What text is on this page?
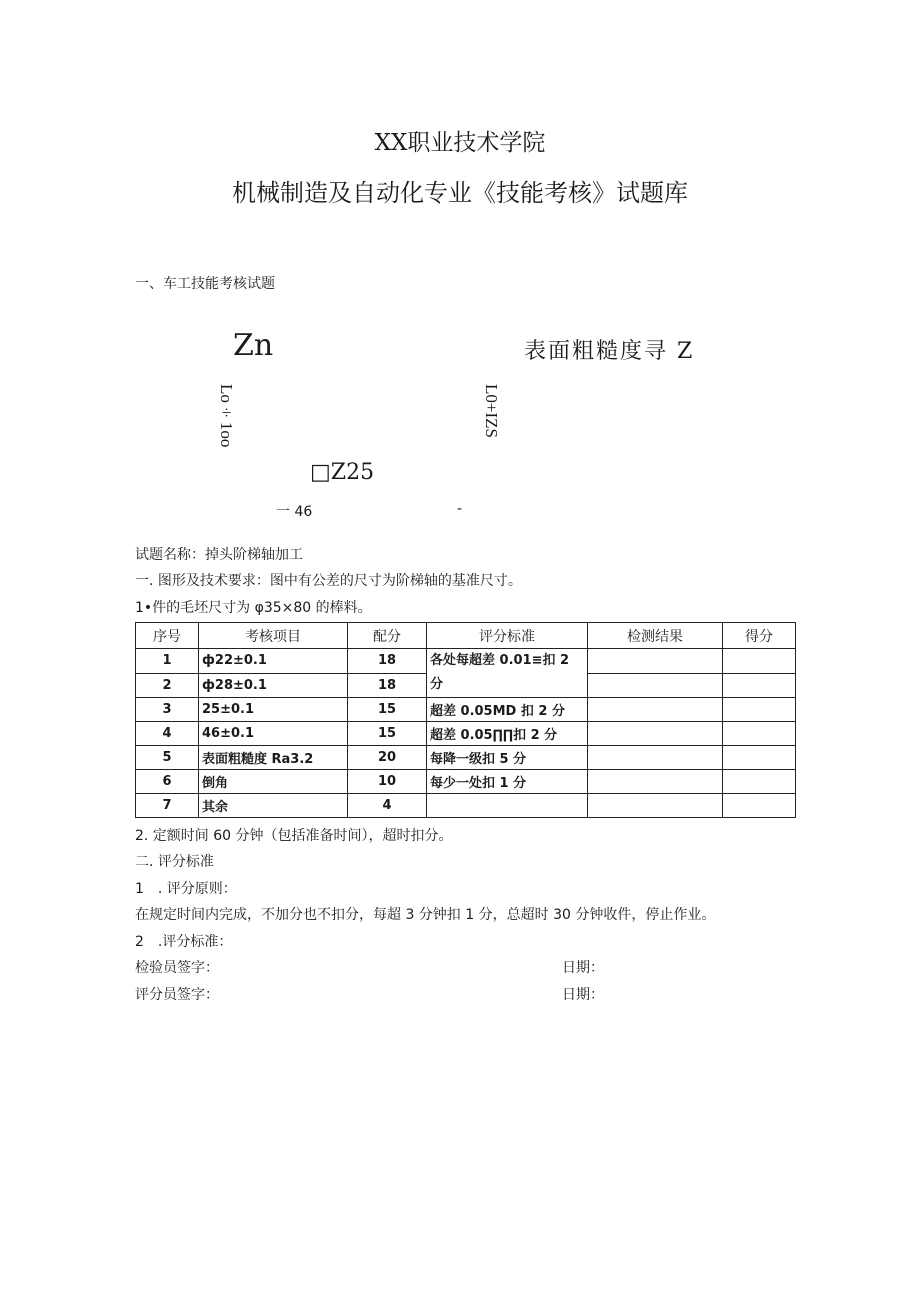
XX职业技术学院
机械制造及自动化专业《技能考核》试题库
一、车工技能考核试题
Zn	表面粗糙度寻 Z
Lo÷1oo	L0+IZS
□Z25
一 46	-
试题名称：掉头阶梯轴加工
一. 图形及技术要求：图中有公差的尺寸为阶梯轴的基准尺寸。
1•件的毛坯尺寸为 φ35×80 的棒料。
序号	考核项目	配分	评分标准	检测结果	得分
1	ф22±0.1	18	各处每超差 0.01≡扣 2 分		
2	ф28±0.1	18			
3	25±0.1	15	超差 0.05MD 扣 2 分		
4	46±0.1	15	超差 0.05∏∏扣 2 分		
5	表面粗糙度 Ra3.2	20	每降一级扣 5 分		
6	倒角	10	每少一处扣 1 分		
7	其余	4			
2. 定额时间 60 分钟（包括准备时间），超时扣分。
二. 评分标准
1　. 评分原则：
在规定时间内完成，不加分也不扣分，每超 3 分钟扣 1 分，总超时 30 分钟收件，停止作业。
2　.评分标准：
检验员签字：	日期：
评分员签字：	日期：
